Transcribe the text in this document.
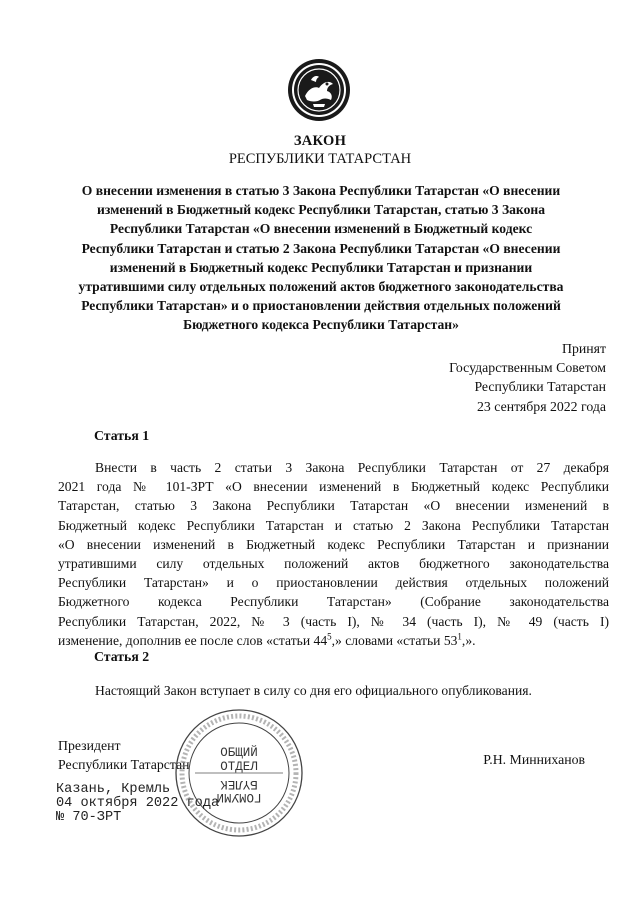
ЗАКОН
РЕСПУБЛИКИ ТАТАРСТАН
О внесении изменения в статью 3 Закона Республики Татарстан «О внесении
изменений в Бюджетный кодекс Республики Татарстан, статью 3 Закона
Республики Татарстан «О внесении изменений в Бюджетный кодекс
Республики Татарстан и статью 2 Закона Республики Татарстан «О внесении
изменений в Бюджетный кодекс Республики Татарстан и признании
утратившими силу отдельных положений актов бюджетного законодательства
Республики Татарстан» и о приостановлении действия отдельных положений
Бюджетного кодекса Республики Татарстан»
Принят
Государственным Советом
Республики Татарстан
23 сентября 2022 года
Статья 1
Внести в часть 2 статьи 3 Закона Республики Татарстан от 27 декабря
2021 года № 101-ЗРТ «О внесении изменений в Бюджетный кодекс Республики
Татарстан, статью 3 Закона Республики Татарстан «О внесении изменений в
Бюджетный кодекс Республики Татарстан и статью 2 Закона Республики Татарстан
«О внесении изменений в Бюджетный кодекс Республики Татарстан и признании
утратившими силу отдельных положений актов бюджетного законодательства
Республики Татарстан» и о приостановлении действия отдельных положений
Бюджетного кодекса Республики Татарстан» (Собрание законодательства
Республики Татарстан, 2022, № 3 (часть I), № 34 (часть I), № 49 (часть I)
изменение, дополнив ее после слов «статьи $44^5$,» словами «статьи $53^1$,».
Статья 2
Настоящий Закон вступает в силу со дня его официального опубликования.
Президент
Республики Татарстан	Р.Н. Минниханов
Казань, Кремль
04 октября 2022 года
№ 70-ЗРТ
ОБЩИЙ
ОТДЕЛ
БҮЛЕК
ГОМУМИ
